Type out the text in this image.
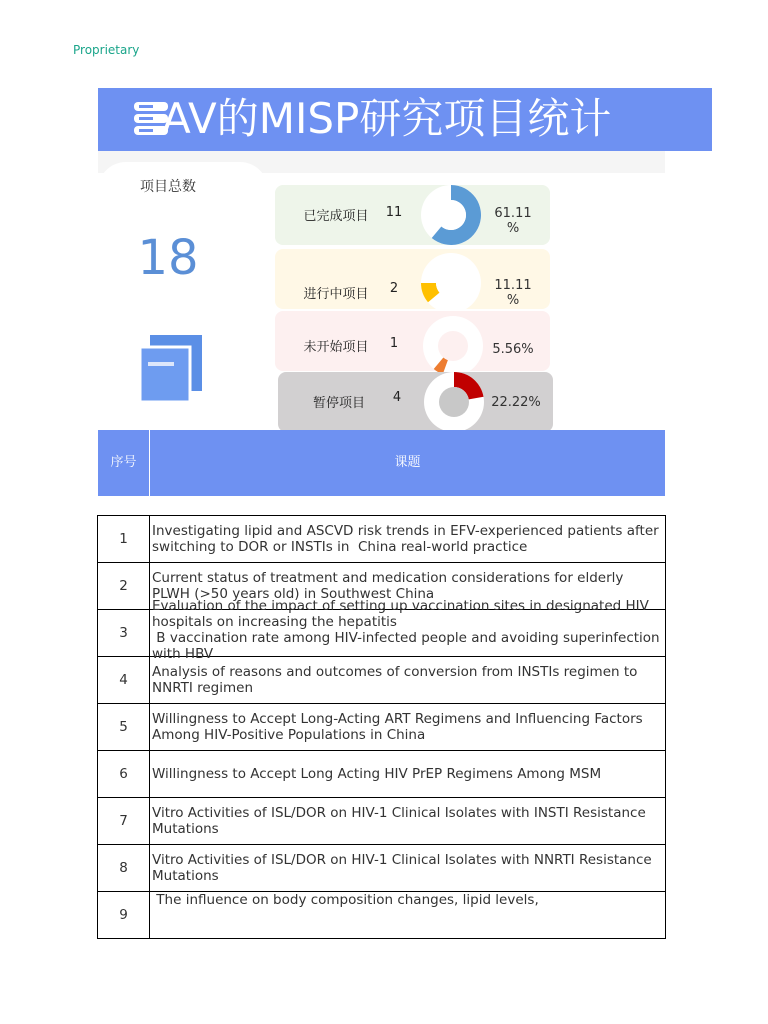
Proprietary
AV的MISP研究项目统计
项目总数
18
已完成项目	11	61.11
%
进行中项目	2	11.11
%
未开始项目	1	5.56%
暂停项目	4	22.22%
序号	课题
1	Investigating lipid and ASCVD risk trends in EFV-experienced patients after switching to DOR or INSTIs in  China real-world practice

2	Current status of treatment and medication considerations for elderly PLWH (>50 years old) in Southwest China

3	Evaluation of the impact of setting up vaccination sites in designated HIV hospitals on increasing the hepatitis
B vaccination rate among HIV-infected people and avoiding superinfection with HBV

4	Analysis of reasons and outcomes of conversion from INSTIs regimen to NNRTI regimen

5	Willingness to Accept Long-Acting ART Regimens and Influencing Factors Among HIV-Positive Populations in China

6	Willingness to Accept Long Acting HIV PrEP Regimens Among MSM

7	Vitro Activities of ISL/DOR on HIV-1 Clinical Isolates with INSTI Resistance Mutations

8	Vitro Activities of ISL/DOR on HIV-1 Clinical Isolates with NNRTI Resistance Mutations

9	The influence on body composition changes, lipid levels,
